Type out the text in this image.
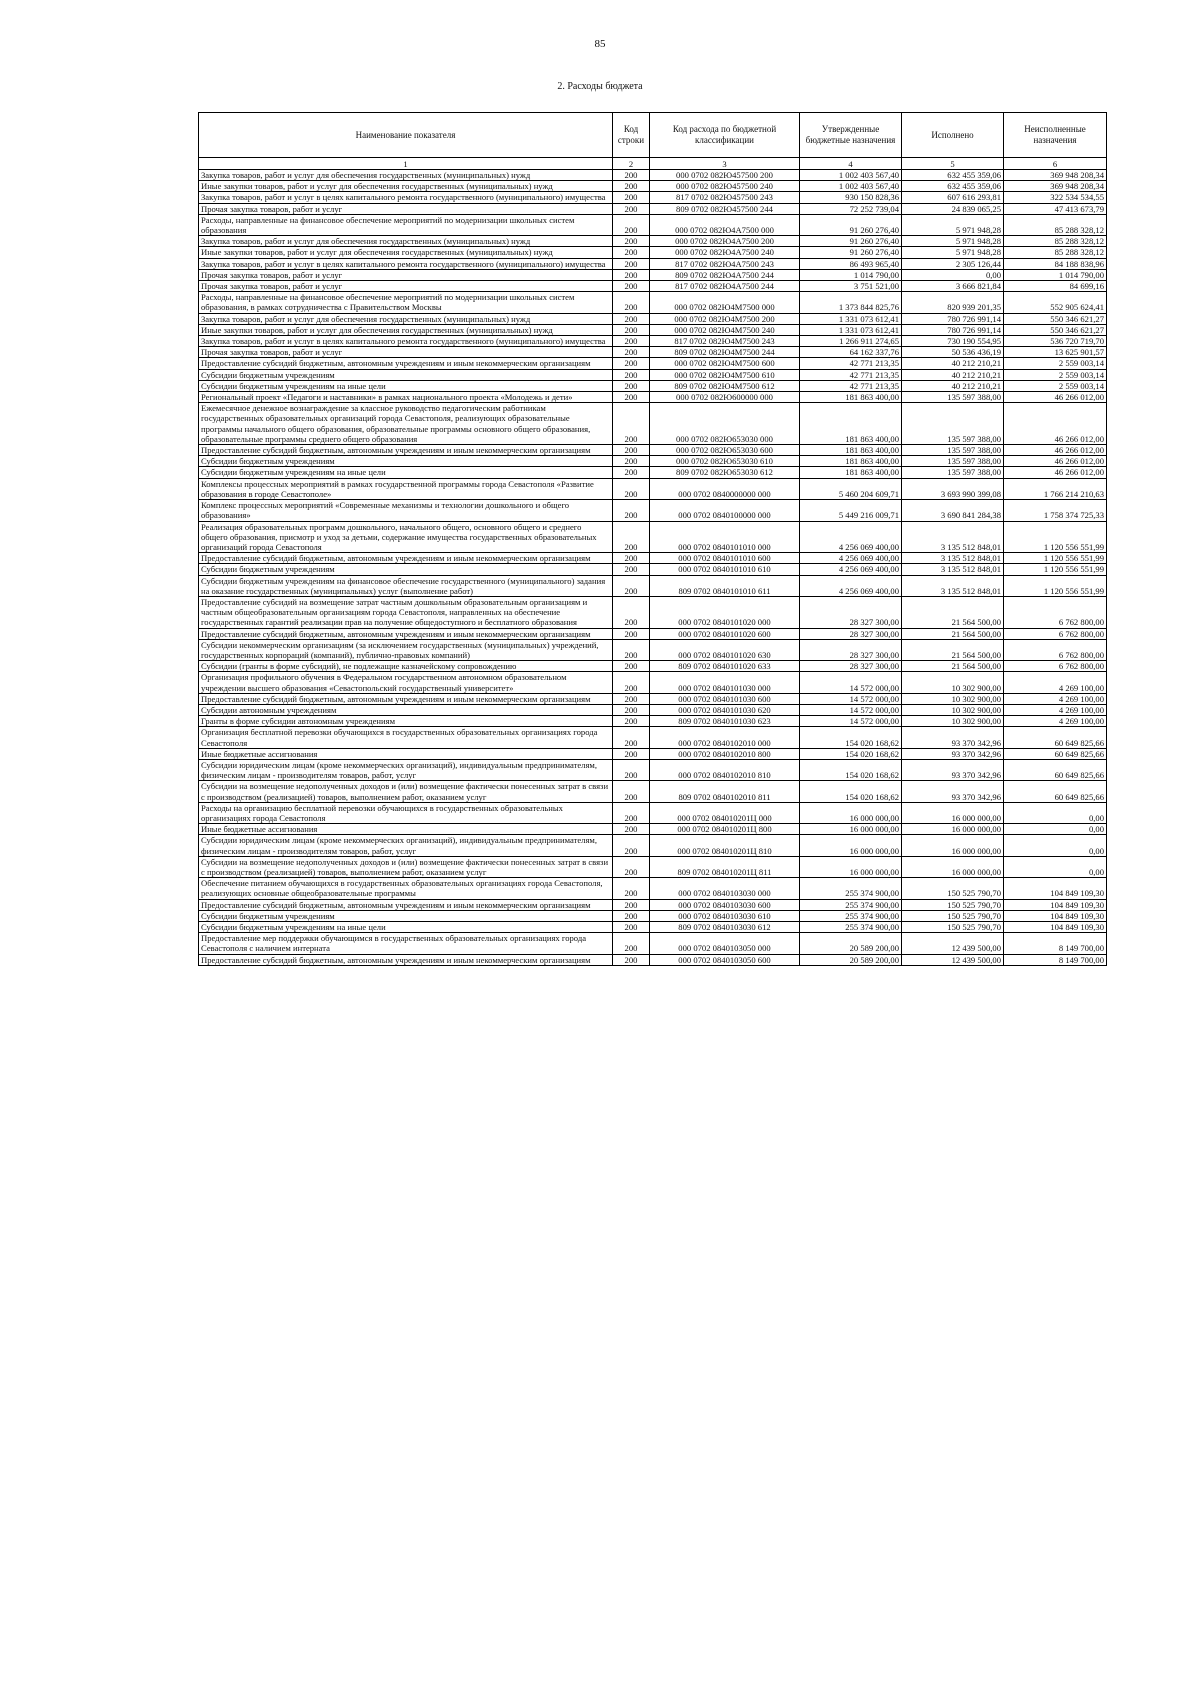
85
2. Расходы бюджета
Наименование показателя	Код строки	Код расхода по бюджетной классификации	Утвержденные бюджетные назначения	Исполнено	Неисполненные назначения
1	2	3	4	5	6
Закупка товаров, работ и услуг для обеспечения государственных (муниципальных) нужд	200	000 0702 082Ю457500 200	1 002 403 567,40	632 455 359,06	369 948 208,34
Иные закупки товаров, работ и услуг для обеспечения государственных (муниципальных) нужд	200	000 0702 082Ю457500 240	1 002 403 567,40	632 455 359,06	369 948 208,34
Закупка товаров, работ и услуг в целях капитального ремонта государственного (муниципального) имущества	200	817 0702 082Ю457500 243	930 150 828,36	607 616 293,81	322 534 534,55
Прочая закупка товаров, работ и услуг	200	809 0702 082Ю457500 244	72 252 739,04	24 839 065,25	47 413 673,79
Расходы, направленные на финансовое обеспечение мероприятий по модернизации школьных систем образования	200	000 0702 082Ю4А7500 000	91 260 276,40	5 971 948,28	85 288 328,12
Закупка товаров, работ и услуг для обеспечения государственных (муниципальных) нужд	200	000 0702 082Ю4А7500 200	91 260 276,40	5 971 948,28	85 288 328,12
Иные закупки товаров, работ и услуг для обеспечения государственных (муниципальных) нужд	200	000 0702 082Ю4А7500 240	91 260 276,40	5 971 948,28	85 288 328,12
Закупка товаров, работ и услуг в целях капитального ремонта государственного (муниципального) имущества	200	817 0702 082Ю4А7500 243	86 493 965,40	2 305 126,44	84 188 838,96
Прочая закупка товаров, работ и услуг	200	809 0702 082Ю4А7500 244	1 014 790,00	0,00	1 014 790,00
Прочая закупка товаров, работ и услуг	200	817 0702 082Ю4А7500 244	3 751 521,00	3 666 821,84	84 699,16
Расходы, направленные на финансовое обеспечение мероприятий по модернизации школьных систем образования, в рамках сотрудничества с Правительством Москвы	200	000 0702 082Ю4М7500 000	1 373 844 825,76	820 939 201,35	552 905 624,41
Закупка товаров, работ и услуг для обеспечения государственных (муниципальных) нужд	200	000 0702 082Ю4М7500 200	1 331 073 612,41	780 726 991,14	550 346 621,27
Иные закупки товаров, работ и услуг для обеспечения государственных (муниципальных) нужд	200	000 0702 082Ю4М7500 240	1 331 073 612,41	780 726 991,14	550 346 621,27
Закупка товаров, работ и услуг в целях капитального ремонта государственного (муниципального) имущества	200	817 0702 082Ю4М7500 243	1 266 911 274,65	730 190 554,95	536 720 719,70
Прочая закупка товаров, работ и услуг	200	809 0702 082Ю4М7500 244	64 162 337,76	50 536 436,19	13 625 901,57
Предоставление субсидий бюджетным, автономным учреждениям и иным некоммерческим организациям	200	000 0702 082Ю4М7500 600	42 771 213,35	40 212 210,21	2 559 003,14
Субсидии бюджетным учреждениям	200	000 0702 082Ю4М7500 610	42 771 213,35	40 212 210,21	2 559 003,14
Субсидии бюджетным учреждениям на иные цели	200	809 0702 082Ю4М7500 612	42 771 213,35	40 212 210,21	2 559 003,14
Региональный проект «Педагоги и наставники» в рамках национального проекта «Молодежь и дети»	200	000 0702 082Ю600000 000	181 863 400,00	135 597 388,00	46 266 012,00
Ежемесячное денежное вознаграждение за классное руководство педагогическим работникам государственных образовательных организаций города Севастополя, реализующих образовательные программы начального общего образования, образовательные программы основного общего образования, образовательные программы среднего общего образования	200	000 0702 082Ю653030 000	181 863 400,00	135 597 388,00	46 266 012,00
Предоставление субсидий бюджетным, автономным учреждениям и иным некоммерческим организациям	200	000 0702 082Ю653030 600	181 863 400,00	135 597 388,00	46 266 012,00
Субсидии бюджетным учреждениям	200	000 0702 082Ю653030 610	181 863 400,00	135 597 388,00	46 266 012,00
Субсидии бюджетным учреждениям на иные цели	200	809 0702 082Ю653030 612	181 863 400,00	135 597 388,00	46 266 012,00
Комплексы процессных мероприятий в рамках государственной программы города Севастополя «Развитие образования в городе Севастополе»	200	000 0702 0840000000 000	5 460 204 609,71	3 693 990 399,08	1 766 214 210,63
Комплекс процессных мероприятий «Современные механизмы и технологии дошкольного и общего образования»	200	000 0702 0840100000 000	5 449 216 009,71	3 690 841 284,38	1 758 374 725,33
Реализация образовательных программ дошкольного, начального общего, основного общего и среднего общего образования, присмотр и уход за детьми, содержание имущества государственных образовательных организаций города Севастополя	200	000 0702 0840101010 000	4 256 069 400,00	3 135 512 848,01	1 120 556 551,99
Предоставление субсидий бюджетным, автономным учреждениям и иным некоммерческим организациям	200	000 0702 0840101010 600	4 256 069 400,00	3 135 512 848,01	1 120 556 551,99
Субсидии бюджетным учреждениям	200	000 0702 0840101010 610	4 256 069 400,00	3 135 512 848,01	1 120 556 551,99
Субсидии бюджетным учреждениям на финансовое обеспечение государственного (муниципального) задания на оказание государственных (муниципальных) услуг (выполнение работ)	200	809 0702 0840101010 611	4 256 069 400,00	3 135 512 848,01	1 120 556 551,99
Предоставление субсидий на возмещение затрат частным дошкольным образовательным организациям и частным общеобразовательным организациям города Севастополя, направленных на обеспечение государственных гарантий реализации прав на получение общедоступного и бесплатного образования	200	000 0702 0840101020 000	28 327 300,00	21 564 500,00	6 762 800,00
Предоставление субсидий бюджетным, автономным учреждениям и иным некоммерческим организациям	200	000 0702 0840101020 600	28 327 300,00	21 564 500,00	6 762 800,00
Субсидии некоммерческим организациям (за исключением государственных (муниципальных) учреждений, государственных корпораций (компаний), публично-правовых компаний)	200	000 0702 0840101020 630	28 327 300,00	21 564 500,00	6 762 800,00
Субсидии (гранты в форме субсидий), не подлежащие казначейскому сопровождению	200	809 0702 0840101020 633	28 327 300,00	21 564 500,00	6 762 800,00
Организация профильного обучения в Федеральном государственном автономном образовательном учреждении высшего образования «Севастопольский государственный университет»	200	000 0702 0840101030 000	14 572 000,00	10 302 900,00	4 269 100,00
Предоставление субсидий бюджетным, автономным учреждениям и иным некоммерческим организациям	200	000 0702 0840101030 600	14 572 000,00	10 302 900,00	4 269 100,00
Субсидии автономным учреждениям	200	000 0702 0840101030 620	14 572 000,00	10 302 900,00	4 269 100,00
Гранты в форме субсидии автономным учреждениям	200	809 0702 0840101030 623	14 572 000,00	10 302 900,00	4 269 100,00
Организация бесплатной перевозки обучающихся в государственных образовательных организациях города Севастополя	200	000 0702 0840102010 000	154 020 168,62	93 370 342,96	60 649 825,66
Иные бюджетные ассигнования	200	000 0702 0840102010 800	154 020 168,62	93 370 342,96	60 649 825,66
Субсидии юридическим лицам (кроме некоммерческих организаций), индивидуальным предпринимателям, физическим лицам - производителям товаров, работ, услуг	200	000 0702 0840102010 810	154 020 168,62	93 370 342,96	60 649 825,66
Субсидии на возмещение недополученных доходов и (или) возмещение фактически понесенных затрат в связи с производством (реализацией) товаров, выполнением работ, оказанием услуг	200	809 0702 0840102010 811	154 020 168,62	93 370 342,96	60 649 825,66
Расходы на организацию бесплатной перевозки обучающихся в государственных образовательных организациях города Севастополя	200	000 0702 084010201Ц 000	16 000 000,00	16 000 000,00	0,00
Иные бюджетные ассигнования	200	000 0702 084010201Ц 800	16 000 000,00	16 000 000,00	0,00
Субсидии юридическим лицам (кроме некоммерческих организаций), индивидуальным предпринимателям, физическим лицам - производителям товаров, работ, услуг	200	000 0702 084010201Ц 810	16 000 000,00	16 000 000,00	0,00
Субсидии на возмещение недополученных доходов и (или) возмещение фактически понесенных затрат в связи с производством (реализацией) товаров, выполнением работ, оказанием услуг	200	809 0702 084010201Ц 811	16 000 000,00	16 000 000,00	0,00
Обеспечение питанием обучающихся в государственных образовательных организациях города Севастополя, реализующих основные общеобразовательные программы	200	000 0702 0840103030 000	255 374 900,00	150 525 790,70	104 849 109,30
Предоставление субсидий бюджетным, автономным учреждениям и иным некоммерческим организациям	200	000 0702 0840103030 600	255 374 900,00	150 525 790,70	104 849 109,30
Субсидии бюджетным учреждениям	200	000 0702 0840103030 610	255 374 900,00	150 525 790,70	104 849 109,30
Субсидии бюджетным учреждениям на иные цели	200	809 0702 0840103030 612	255 374 900,00	150 525 790,70	104 849 109,30
Предоставление мер поддержки обучающимся в государственных образовательных организациях города Севастополя с наличием интерната	200	000 0702 0840103050 000	20 589 200,00	12 439 500,00	8 149 700,00
Предоставление субсидий бюджетным, автономным учреждениям и иным некоммерческим организациям	200	000 0702 0840103050 600	20 589 200,00	12 439 500,00	8 149 700,00
